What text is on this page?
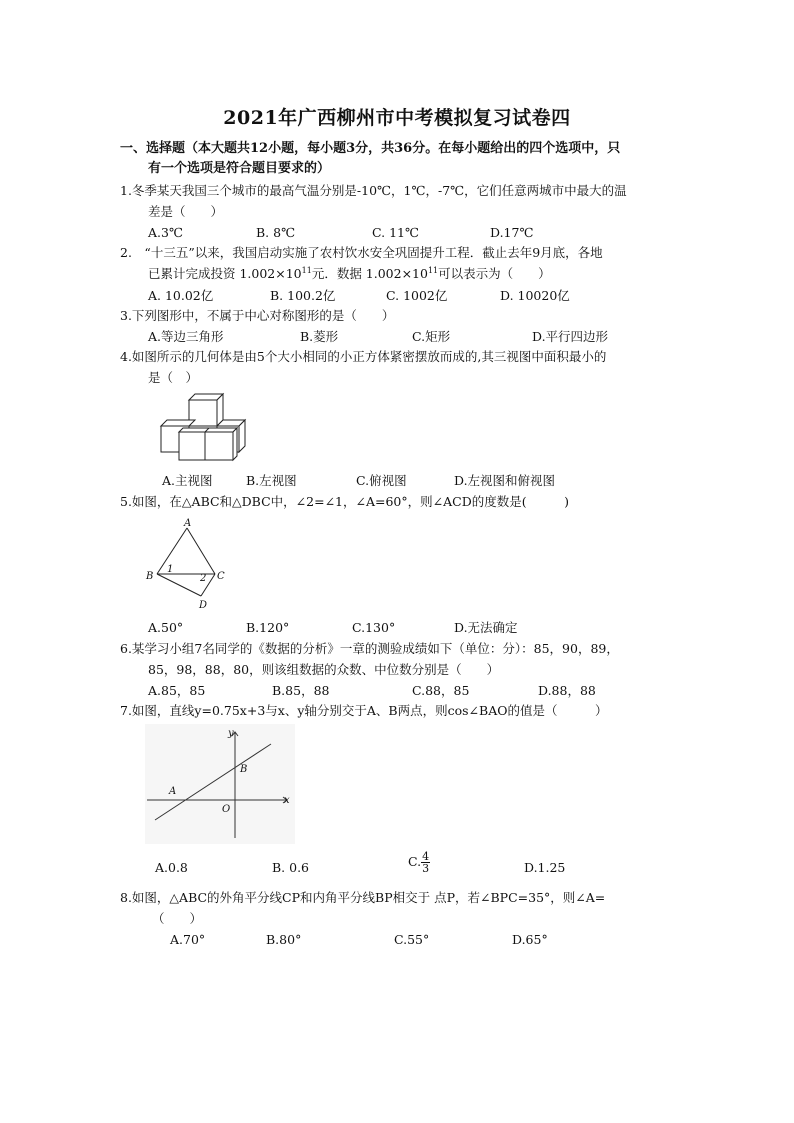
2021年广西柳州市中考模拟复习试卷四
一、选择题（本大题共12小题，每小题3分，共36分。在每小题给出的四个选项中，只
有一个选项是符合题目要求的）
1.冬季某天我国三个城市的最高气温分别是-10℃，1℃，-7℃，它们任意两城市中最大的温
差是（　　）
A.3℃	B. 8℃	C. 11℃	D.17℃
2.　“十三五”以来，我国启动实施了农村饮水安全巩固提升工程．截止去年9月底，各地
已累计完成投资 $1.002\times 10^{11}$元．数据 $1.002\times 10^{11}$可以表示为（　　）
A. 10.02亿	B. 100.2亿	C. 1002亿	D. 10020亿
3.下列图形中，不属于中心对称图形的是（　　）
A.等边三角形	B.菱形	C.矩形	D.平行四边形
4.如图所示的几何体是由5个大小相同的小正方体紧密摆放而成的,其三视图中面积最小的
是（　）
A.主视图	B.左视图	C.俯视图	D.左视图和俯视图
5.如图，在△ABC和△DBC中，∠2=∠1，∠A=60°，则∠ACD的度数是(　　　)
A
B	C
D
1
2
A.50°	B.120°	C.130°	D.无法确定
6.某学习小组7名同学的《数据的分析》一章的测验成绩如下（单位：分）：85，90，89，
85，98，88，80，则该组数据的众数、中位数分别是（　　）
A.85，85	B.85，88	C.88，85	D.88，88
7.如图，直线y=0.75x+3与x、y轴分别交于A、B两点，则cos∠BAO的值是（　　　）
y
x
A
B
O
A.0.8	B. 0.6	C. $\frac{4}{3}$	D.1.25
8.如图，△ABC的外角平分线CP和内角平分线BP相交于 点P，若∠BPC=35°，则∠A=
（　　）
A.70°	B.80°	C.55°	D.65°
